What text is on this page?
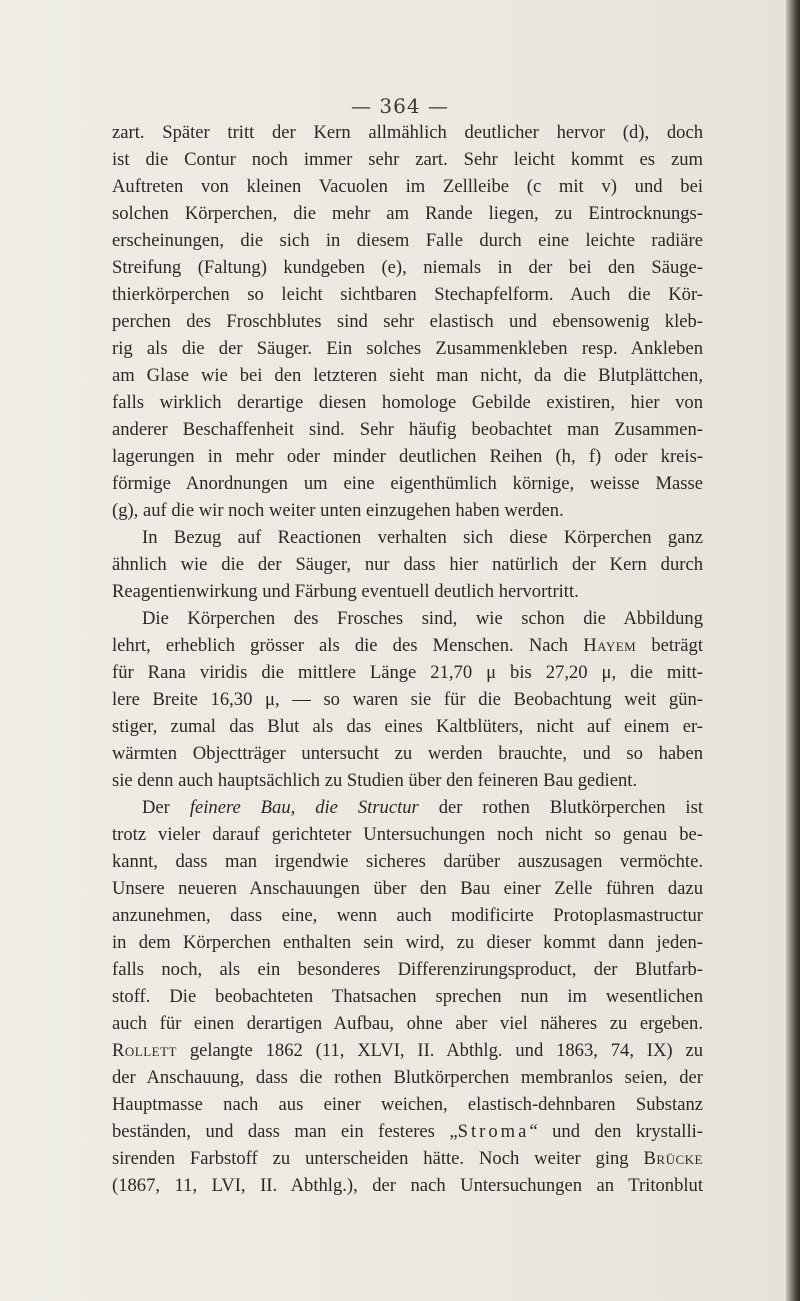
— 364 —
zart. Später tritt der Kern allmählich deutlicher hervor (d), doch
ist die Contur noch immer sehr zart. Sehr leicht kommt es zum
Auftreten von kleinen Vacuolen im Zellleibe (c mit v) und bei
solchen Körperchen, die mehr am Rande liegen, zu Eintrocknungs-
erscheinungen, die sich in diesem Falle durch eine leichte radiäre
Streifung (Faltung) kundgeben (e), niemals in der bei den Säuge-
thierkörperchen so leicht sichtbaren Stechapfelform. Auch die Kör-
perchen des Froschblutes sind sehr elastisch und ebensowenig kleb-
rig als die der Säuger. Ein solches Zusammenkleben resp. Ankleben
am Glase wie bei den letzteren sieht man nicht, da die Blutplättchen,
falls wirklich derartige diesen homologe Gebilde existiren, hier von
anderer Beschaffenheit sind. Sehr häufig beobachtet man Zusammen-
lagerungen in mehr oder minder deutlichen Reihen (h, f) oder kreis-
förmige Anordnungen um eine eigenthümlich körnige, weisse Masse
(g), auf die wir noch weiter unten einzugehen haben werden.
In Bezug auf Reactionen verhalten sich diese Körperchen ganz
ähnlich wie die der Säuger, nur dass hier natürlich der Kern durch
Reagentienwirkung und Färbung eventuell deutlich hervortritt.
Die Körperchen des Frosches sind, wie schon die Abbildung
lehrt, erheblich grösser als die des Menschen. Nach Hayem beträgt
für Rana viridis die mittlere Länge 21,70 μ bis 27,20 μ, die mitt-
lere Breite 16,30 μ, — so waren sie für die Beobachtung weit gün-
stiger, zumal das Blut als das eines Kaltblüters, nicht auf einem er-
wärmten Objectträger untersucht zu werden brauchte, und so haben
sie denn auch hauptsächlich zu Studien über den feineren Bau gedient.
Der feinere Bau, die Structur der rothen Blutkörperchen ist
trotz vieler darauf gerichteter Untersuchungen noch nicht so genau be-
kannt, dass man irgendwie sicheres darüber auszusagen vermöchte.
Unsere neueren Anschauungen über den Bau einer Zelle führen dazu
anzunehmen, dass eine, wenn auch modificirte Protoplasmastructur
in dem Körperchen enthalten sein wird, zu dieser kommt dann jeden-
falls noch, als ein besonderes Differenzirungsproduct, der Blutfarb-
stoff. Die beobachteten Thatsachen sprechen nun im wesentlichen
auch für einen derartigen Aufbau, ohne aber viel näheres zu ergeben.
Rollett gelangte 1862 (11, XLVI, II. Abthlg. und 1863, 74, IX) zu
der Anschauung, dass die rothen Blutkörperchen membranlos seien, der
Hauptmasse nach aus einer weichen, elastisch-dehnbaren Substanz
beständen, und dass man ein festeres „Stroma“ und den krystalli-
sirenden Farbstoff zu unterscheiden hätte. Noch weiter ging Brücke
(1867, 11, LVI, II. Abthlg.), der nach Untersuchungen an Tritonblut
